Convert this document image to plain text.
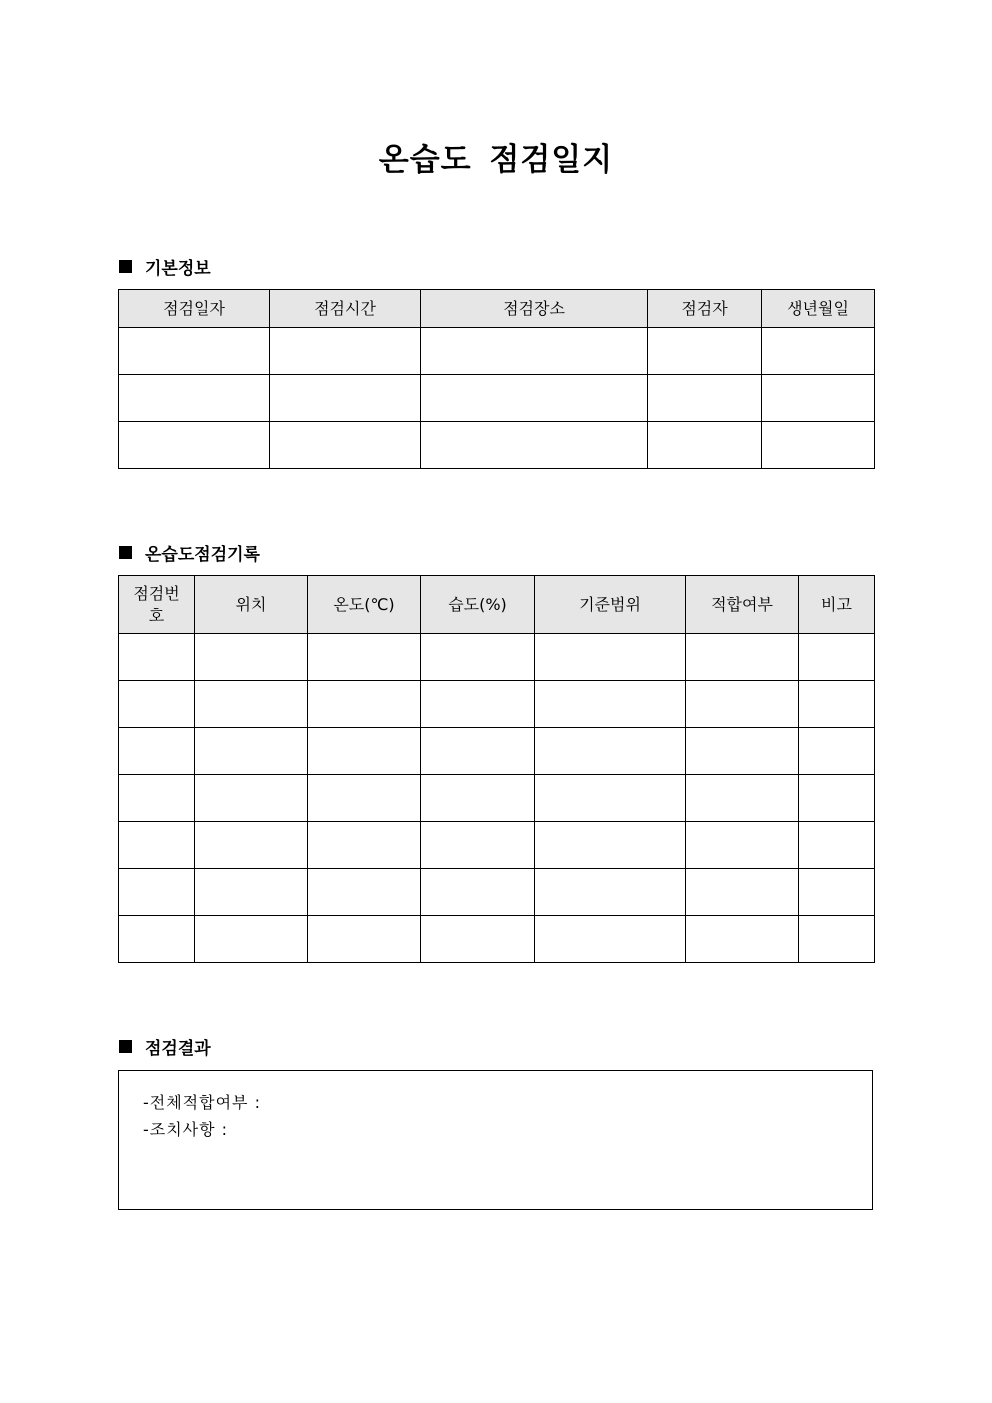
온습도 점검일지
기본정보
점검일자	점검시간	점검장소	점검자	생년월일

온습도점검기록
점검번호	위치	온도(℃)	습도(%)	기준범위	적합여부	비고

점검결과
-전체적합여부 :
-조치사항 :
